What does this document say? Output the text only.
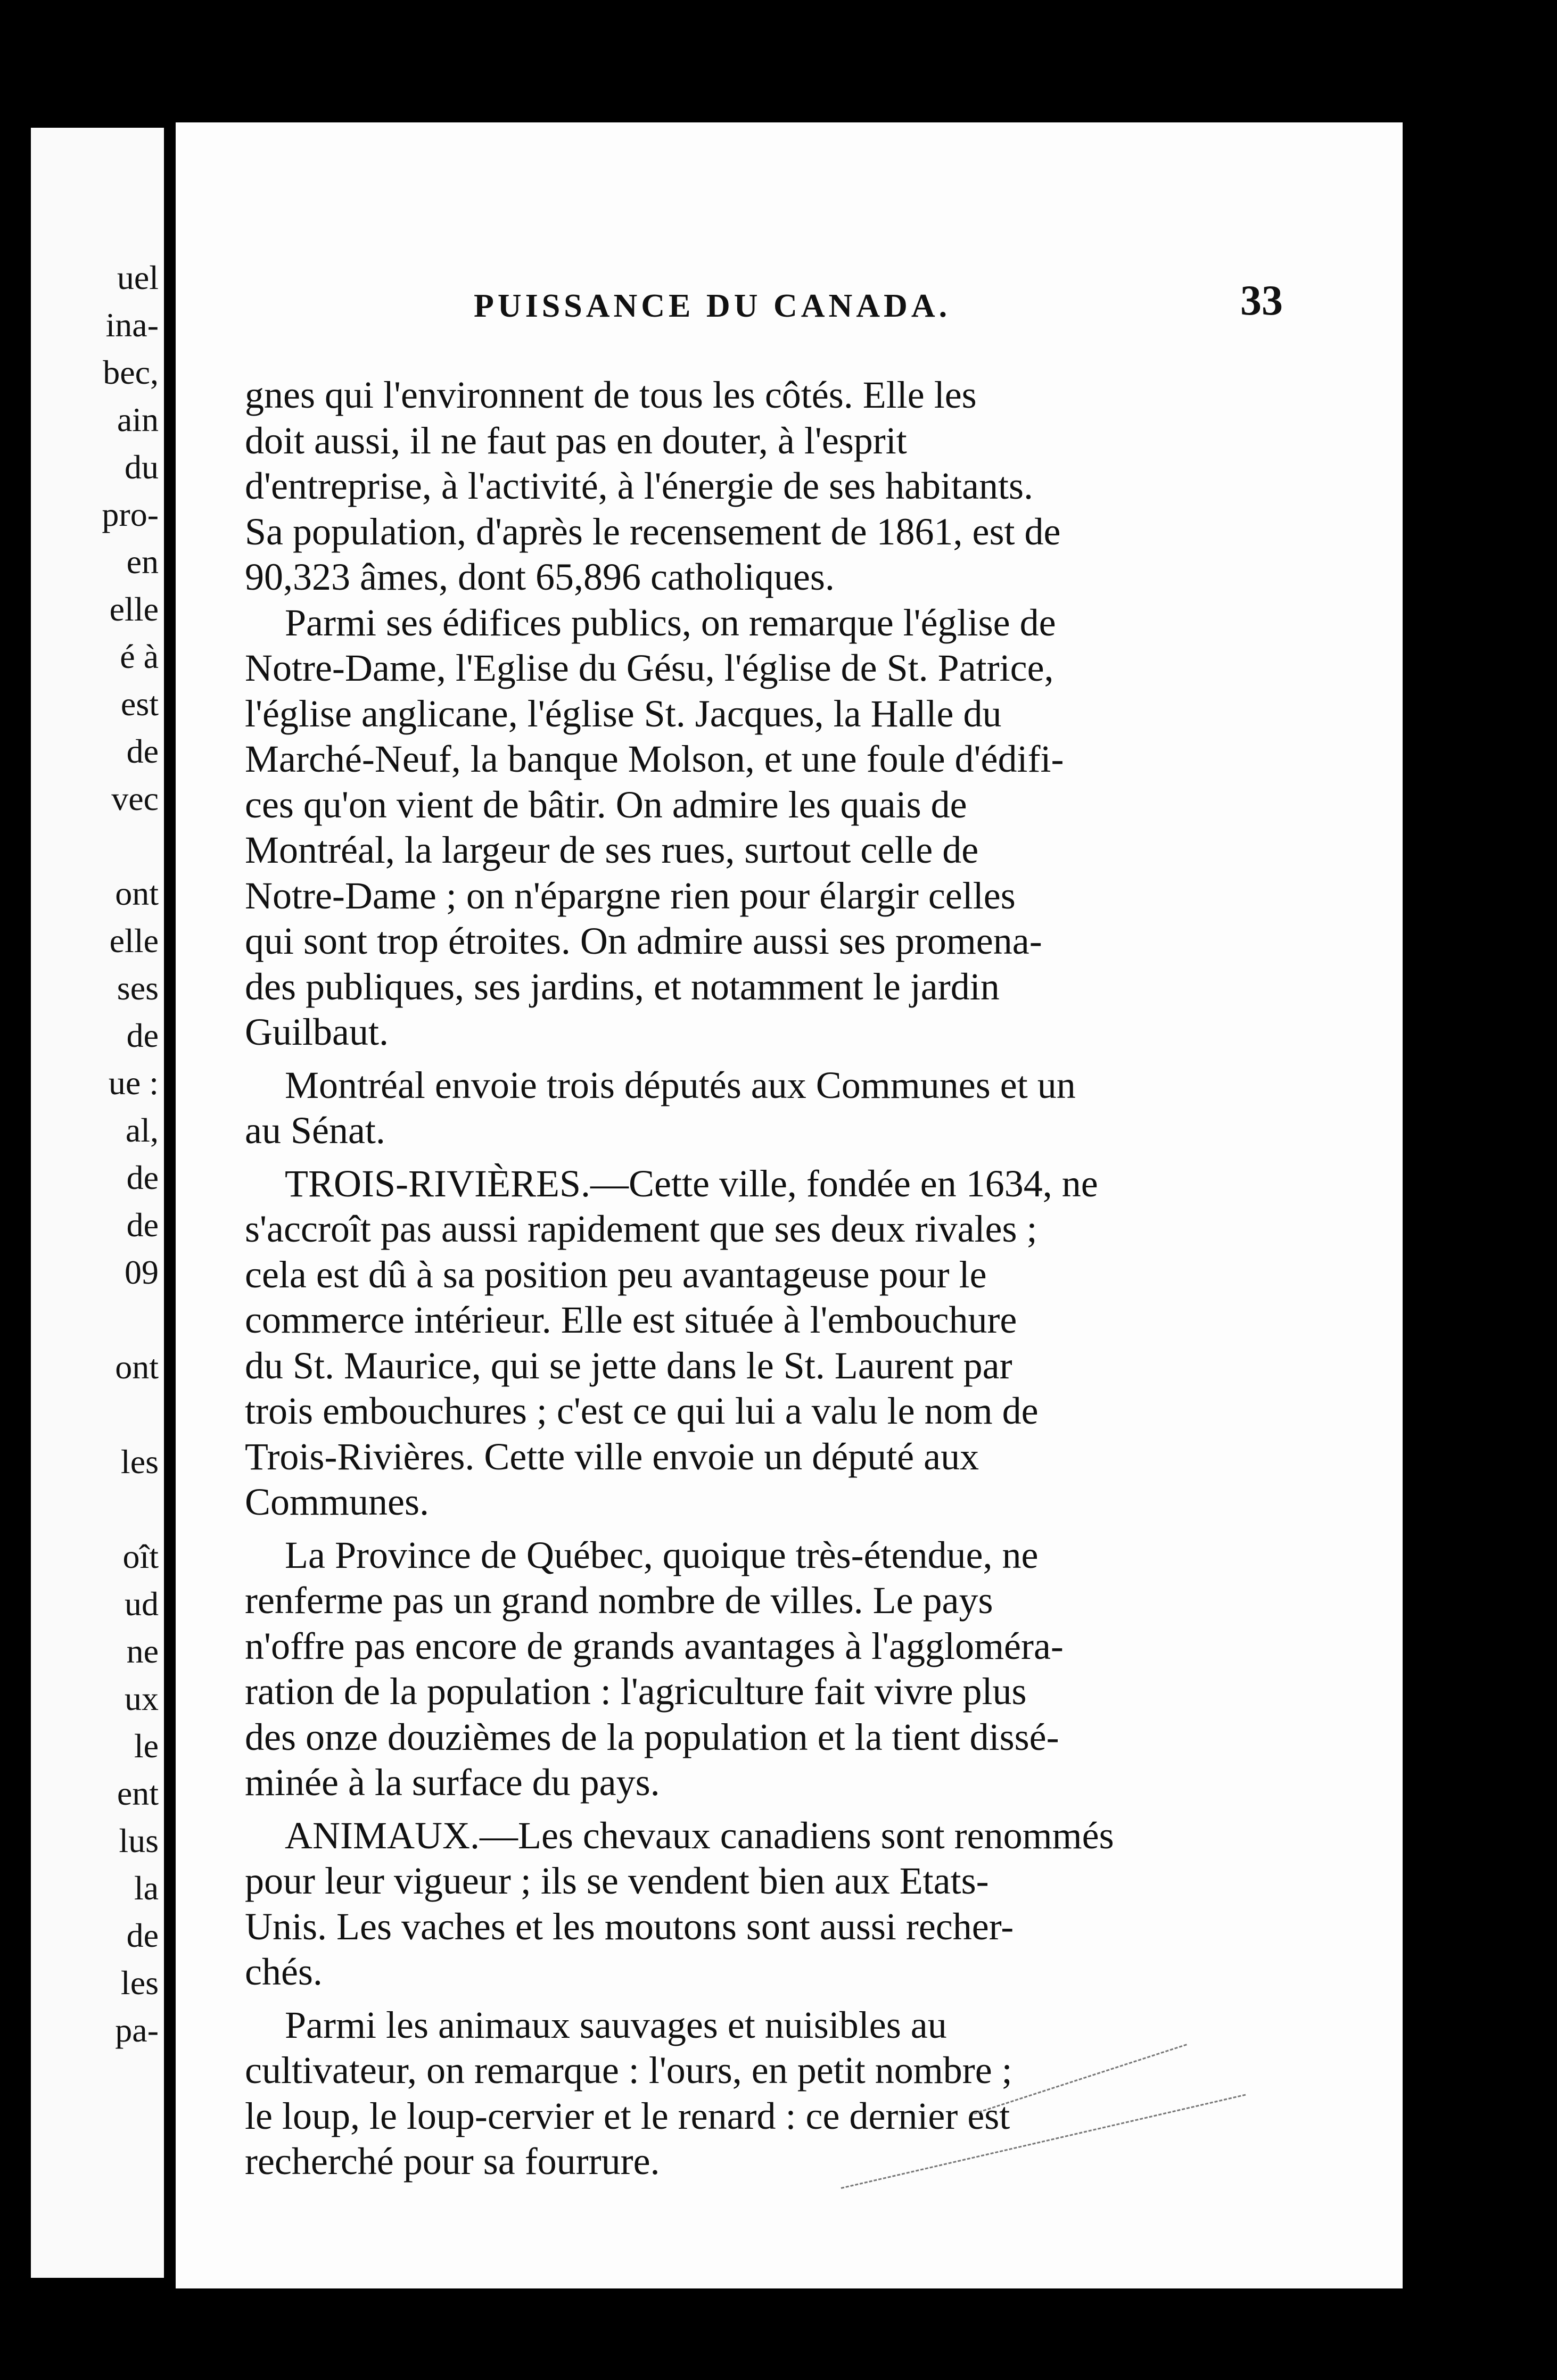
uel
ina-
bec,
ain
du
pro-
en
elle
é à
est
de
vec
ont
elle
ses
de
ue :
al,
de
de
09
ont
les
oît
ud
ne
ux
le
ent
lus
la
de
les
pa-
PUISSANCE DU CANADA.	33
gnes qui l'environnent de tous les côtés. Elle les
doit aussi, il ne faut pas en douter, à l'esprit
d'entreprise, à l'activité, à l'énergie de ses habitants.
Sa population, d'après le recensement de 1861, est de
90,323 âmes, dont 65,896 catholiques.
Parmi ses édifices publics, on remarque l'église de
Notre-Dame, l'Eglise du Gésu, l'église de St. Patrice,
l'église anglicane, l'église St. Jacques, la Halle du
Marché-Neuf, la banque Molson, et une foule d'édifi-
ces qu'on vient de bâtir. On admire les quais de
Montréal, la largeur de ses rues, surtout celle de
Notre-Dame ; on n'épargne rien pour élargir celles
qui sont trop étroites. On admire aussi ses promena-
des publiques, ses jardins, et notamment le jardin
Guilbaut.
Montréal envoie trois députés aux Communes et un
au Sénat.
TROIS-RIVIÈRES.—Cette ville, fondée en 1634, ne
s'accroît pas aussi rapidement que ses deux rivales ;
cela est dû à sa position peu avantageuse pour le
commerce intérieur. Elle est située à l'embouchure
du St. Maurice, qui se jette dans le St. Laurent par
trois embouchures ; c'est ce qui lui a valu le nom de
Trois-Rivières. Cette ville envoie un député aux
Communes.
La Province de Québec, quoique très-étendue, ne
renferme pas un grand nombre de villes. Le pays
n'offre pas encore de grands avantages à l'aggloméra-
ration de la population : l'agriculture fait vivre plus
des onze douzièmes de la population et la tient dissé-
minée à la surface du pays.
ANIMAUX.—Les chevaux canadiens sont renommés
pour leur vigueur ; ils se vendent bien aux Etats-
Unis. Les vaches et les moutons sont aussi recher-
chés.
Parmi les animaux sauvages et nuisibles au
cultivateur, on remarque : l'ours, en petit nombre ;
le loup, le loup-cervier et le renard : ce dernier est
recherché pour sa fourrure.
